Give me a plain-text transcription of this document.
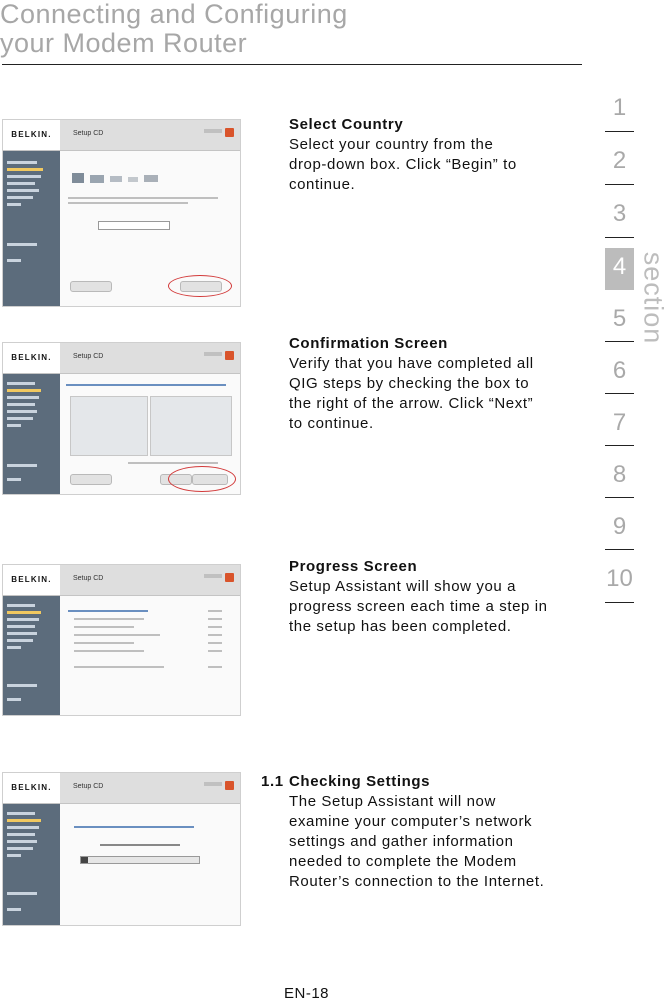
Connecting and Configuring
your Modem Router
1
2
3
4
5
6
7
8
9
10
section
BELKIN.	Setup CD
BELKIN.	Setup CD
BELKIN.	Setup CD
BELKIN.	Setup CD
Select Country

Select your country from the

drop-down box. Click “Begin” to

continue.

Confirmation Screen

Verify that you have completed all

QIG steps by checking the box to

the right of the arrow. Click “Next”

to continue.

Progress Screen

Setup Assistant will show you a

progress screen each time a step in

the setup has been completed.

1.1 Checking Settings

The Setup Assistant will now

examine your computer’s network

settings and gather information

needed to complete the Modem

Router’s connection to the Internet.

EN-18
